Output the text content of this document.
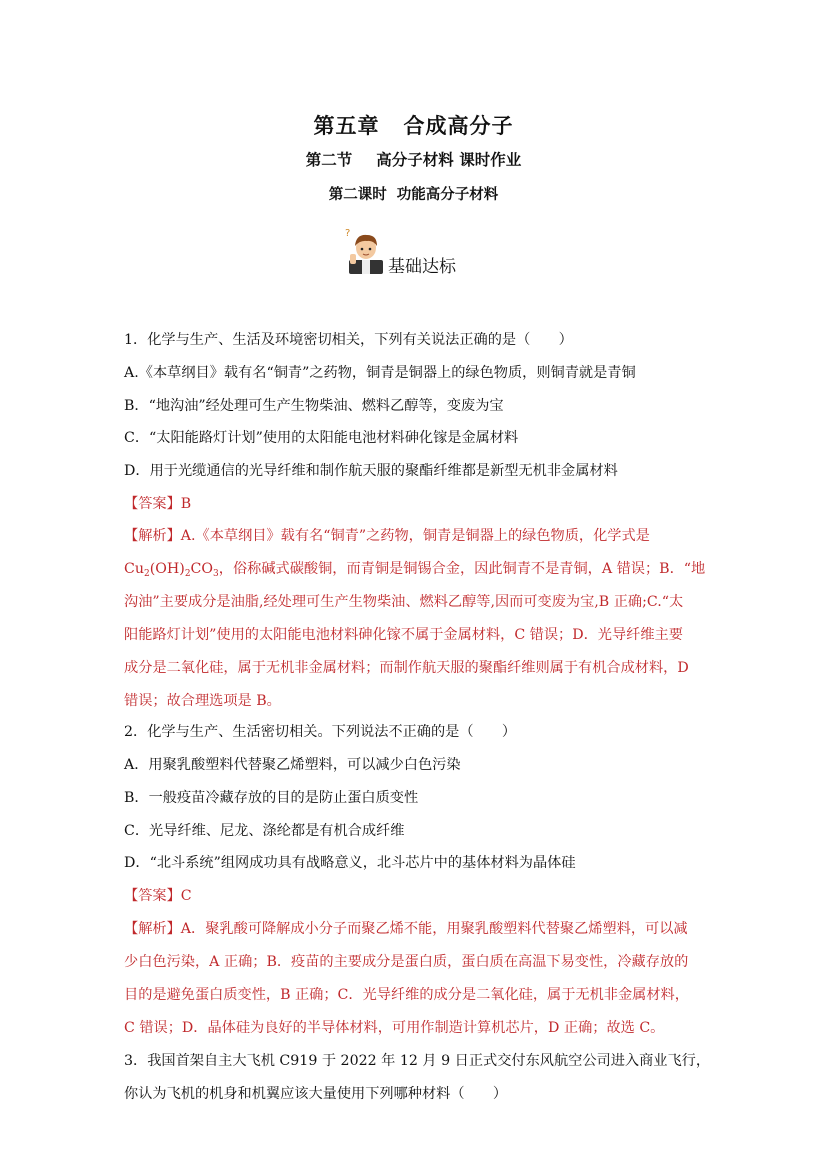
第五章 合成高分子
第二节 高分子材料 课时作业
第二课时 功能高分子材料
?
基础达标
1．化学与生产、生活及环境密切相关，下列有关说法正确的是（　　）
A.《本草纲目》载有名“铜青”之药物，铜青是铜器上的绿色物质，则铜青就是青铜
B．“地沟油”经处理可生产生物柴油、燃料乙醇等，变废为宝
C．“太阳能路灯计划”使用的太阳能电池材料砷化镓是金属材料
D．用于光缆通信的光导纤维和制作航天服的聚酯纤维都是新型无机非金属材料
【答案】B
【解析】A.《本草纲目》载有名“铜青”之药物，铜青是铜器上的绿色物质，化学式是
$Cu_2(OH)_2CO_3$，俗称碱式碳酸铜，而青铜是铜锡合金，因此铜青不是青铜，A 错误；B．“地
沟油”主要成分是油脂,经处理可生产生物柴油、燃料乙醇等,因而可变废为宝,B 正确;C.“太
阳能路灯计划”使用的太阳能电池材料砷化镓不属于金属材料，C 错误；D．光导纤维主要
成分是二氧化硅，属于无机非金属材料；而制作航天服的聚酯纤维则属于有机合成材料，D
错误；故合理选项是 B。
2．化学与生产、生活密切相关。下列说法不正确的是（　　）
A．用聚乳酸塑料代替聚乙烯塑料，可以减少白色污染
B．一般疫苗冷藏存放的目的是防止蛋白质变性
C．光导纤维、尼龙、涤纶都是有机合成纤维
D．“北斗系统”组网成功具有战略意义，北斗芯片中的基体材料为晶体硅
【答案】C
【解析】A．聚乳酸可降解成小分子而聚乙烯不能，用聚乳酸塑料代替聚乙烯塑料，可以减
少白色污染，A 正确；B．疫苗的主要成分是蛋白质，蛋白质在高温下易变性，冷藏存放的
目的是避免蛋白质变性，B 正确；C．光导纤维的成分是二氧化硅，属于无机非金属材料，
C 错误；D．晶体硅为良好的半导体材料，可用作制造计算机芯片，D 正确；故选 C。
3．我国首架自主大飞机 C919 于 2022 年 12 月 9 日正式交付东风航空公司进入商业飞行，
你认为飞机的机身和机翼应该大量使用下列哪种材料（　　）
